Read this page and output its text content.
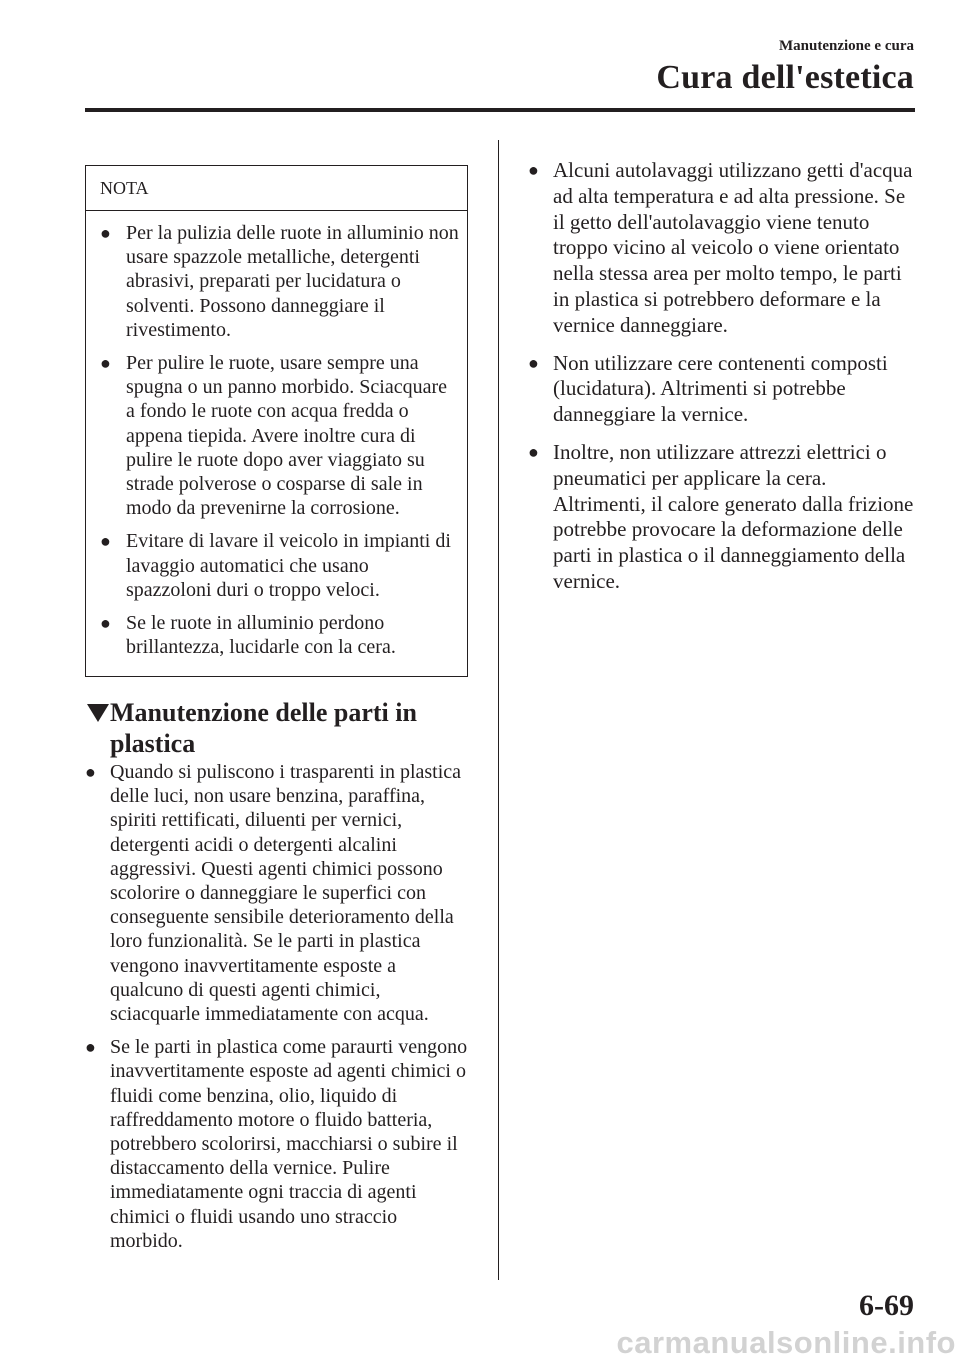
Manutenzione e cura
Cura dell'estetica
NOTA
● Per la pulizia delle ruote in alluminio non usare spazzole metalliche, detergenti abrasivi, preparati per lucidatura o solventi. Possono danneggiare il rivestimento.
● Per pulire le ruote, usare sempre una spugna o un panno morbido. Sciacquare a fondo le ruote con acqua fredda o appena tiepida. Avere inoltre cura di pulire le ruote dopo aver viaggiato su strade polverose o cosparse di sale in modo da prevenirne la corrosione.
● Evitare di lavare il veicolo in impianti di lavaggio automatici che usano spazzoloni duri o troppo veloci.
● Se le ruote in alluminio perdono brillantezza, lucidarle con la cera.
Manutenzione delle parti in plastica
● Quando si puliscono i trasparenti in plastica delle luci, non usare benzina, paraffina, spiriti rettificati, diluenti per vernici, detergenti acidi o detergenti alcalini aggressivi. Questi agenti chimici possono scolorire o danneggiare le superfici con conseguente sensibile deterioramento della loro funzionalità. Se le parti in plastica vengono inavvertitamente esposte a qualcuno di questi agenti chimici, sciacquarle immediatamente con acqua.
● Se le parti in plastica come paraurti vengono inavvertitamente esposte ad agenti chimici o fluidi come benzina, olio, liquido di raffreddamento motore o fluido batteria, potrebbero scolorirsi, macchiarsi o subire il distaccamento della vernice. Pulire immediatamente ogni traccia di agenti chimici o fluidi usando uno straccio morbido.
● Alcuni autolavaggi utilizzano getti d'acqua ad alta temperatura e ad alta pressione. Se il getto dell'autolavaggio viene tenuto troppo vicino al veicolo o viene orientato nella stessa area per molto tempo, le parti in plastica si potrebbero deformare e la vernice danneggiare.
● Non utilizzare cere contenenti composti (lucidatura). Altrimenti si potrebbe danneggiare la vernice.
● Inoltre, non utilizzare attrezzi elettrici o pneumatici per applicare la cera. Altrimenti, il calore generato dalla frizione potrebbe provocare la deformazione delle parti in plastica o il danneggiamento della vernice.
6-69
carmanualsonline.info
